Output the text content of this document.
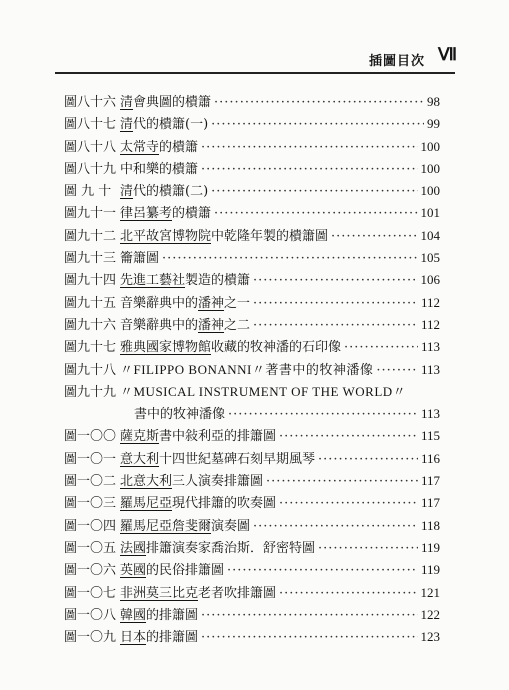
插圖目次 Ⅶ
圖八十六 清會典圖的樻簫 ·····	98
圖八十七 清代的樻簫(一) ·····	99
圖八十八 太常寺的樻簫 ·····	100
圖八十九 中和樂的樻簫 ·····	100
圖 九 十 清代的樻簫(二) ·····	100
圖九十一 律呂纂考的樻簫 ·····	101
圖九十二 北平故宮博物院中乾隆年製的樻簫圖 ·····	104
圖九十三 籥簫圖 ·····	105
圖九十四 先進工藝社製造的樻簫 ·····	106
圖九十五 音樂辭典中的潘神之一 ·····	112
圖九十六 音樂辭典中的潘神之二 ·····	112
圖九十七 雅典國家博物館收藏的牧神潘的石印像 ·····	113
圖九十八 〃FILIPPO BONANNI〃著書中的牧神潘像 ·····	113
圖九十九 〃MUSICAL INSTRUMENT OF THE WORLD〃
書中的牧神潘像 ·····	113
圖一〇〇 薩克斯書中敍利亞的排簫圖 ·····	115
圖一〇一 意大利十四世紀墓碑石刻早期風琴 ·····	116
圖一〇二 北意大利三人演奏排簫圖 ·····	117
圖一〇三 羅馬尼亞現代排簫的吹奏圖 ·····	117
圖一〇四 羅馬尼亞詹斐爾演奏圖 ·····	118
圖一〇五 法國排簫演奏家喬治斯．舒密特圖 ·····	119
圖一〇六 英國的民俗排簫圖 ·····	119
圖一〇七 非洲莫三比克老者吹排簫圖 ·····	121
圖一〇八 韓國的排簫圖 ·····	122
圖一〇九 日本的排簫圖 ·····	123
